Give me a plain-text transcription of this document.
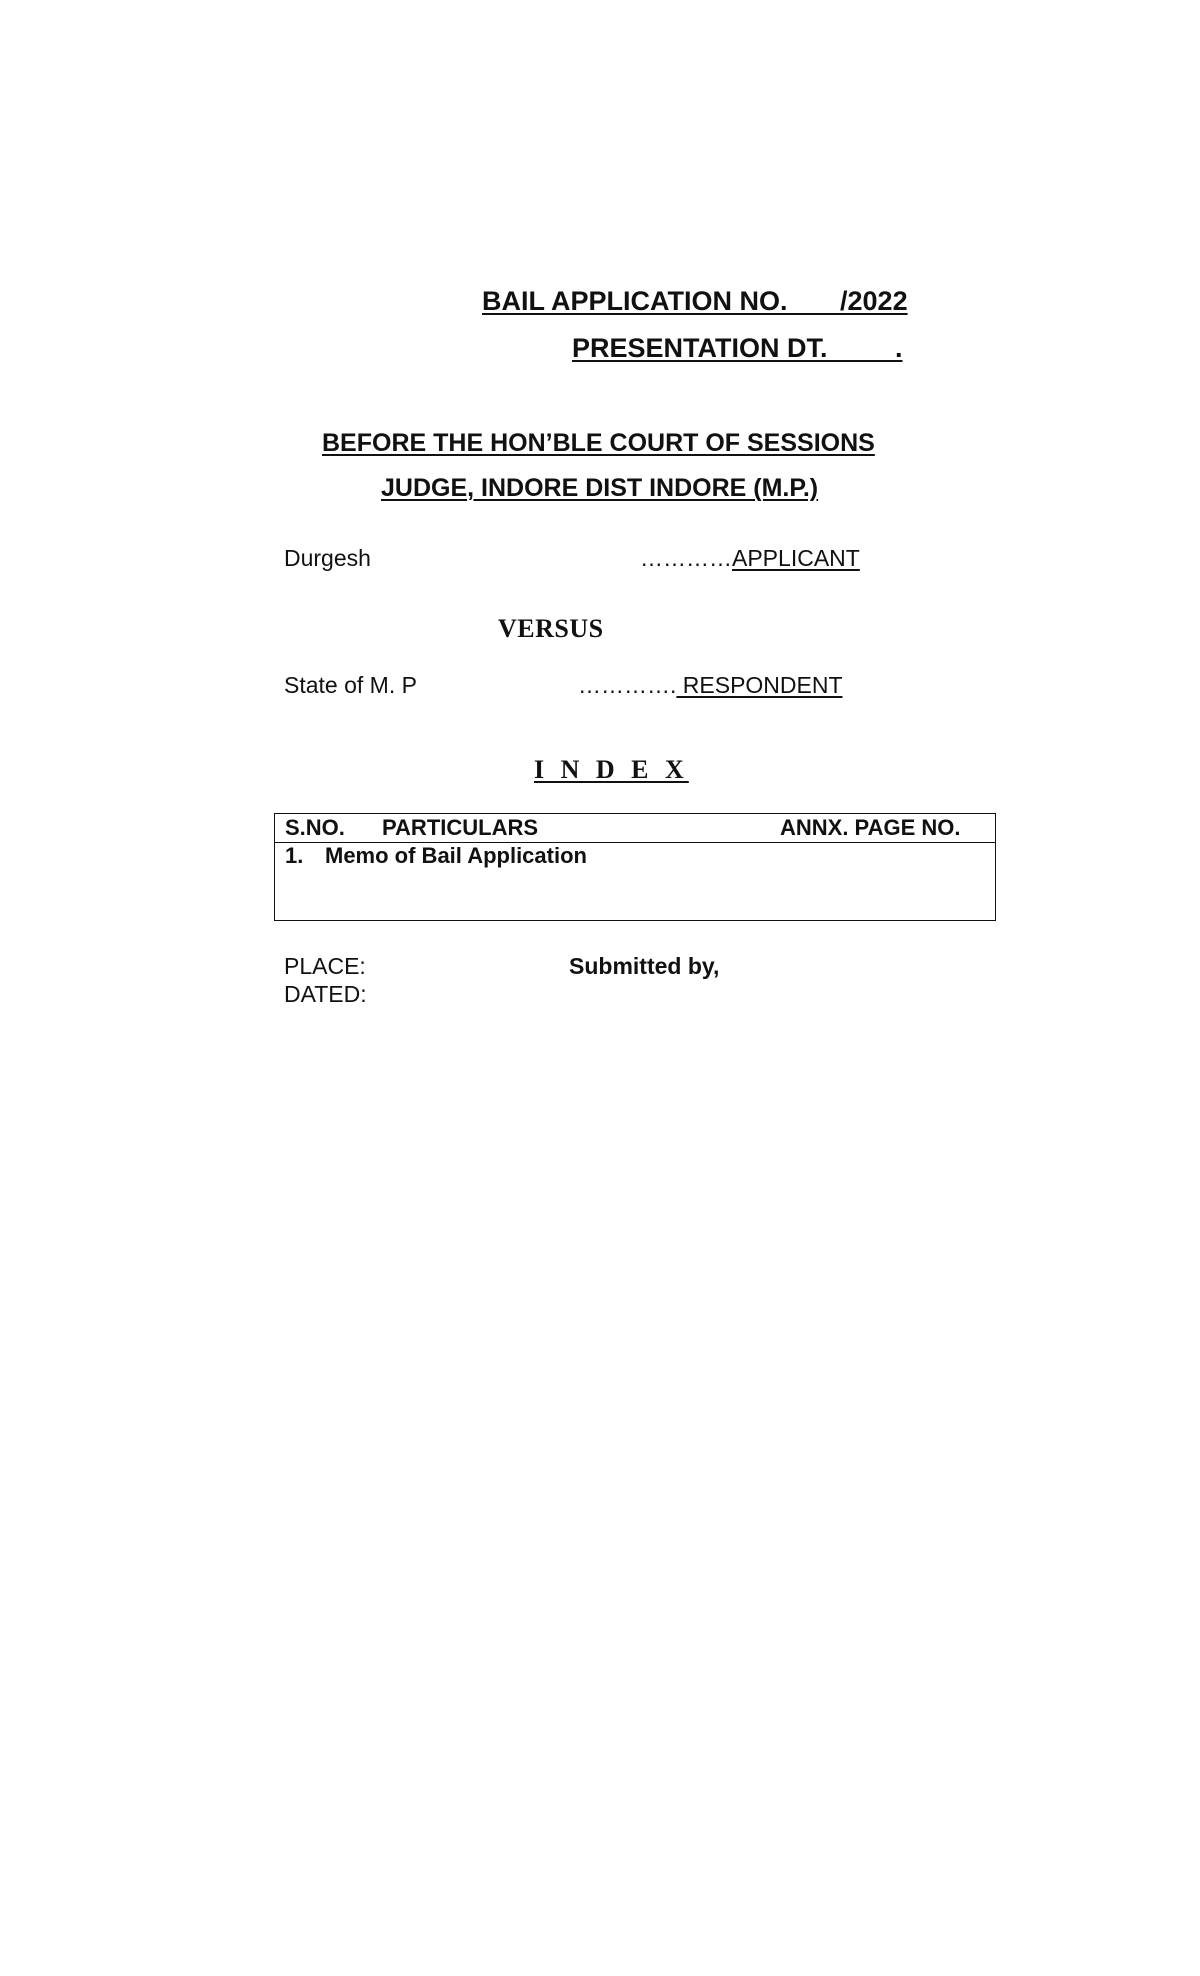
BAIL APPLICATION NO.       /2022
PRESENTATION DT.         .
BEFORE THE HON’BLE COURT OF SESSIONS
JUDGE, INDORE DIST INDORE (M.P.)
Durgesh	…………APPLICANT
VERSUS
State of M. P	…………. RESPONDENT
I N D E X
S.NO. PARTICULARS	ANNX. PAGE NO.
1. Memo of Bail Application
PLACE:
DATED:
Submitted by,
